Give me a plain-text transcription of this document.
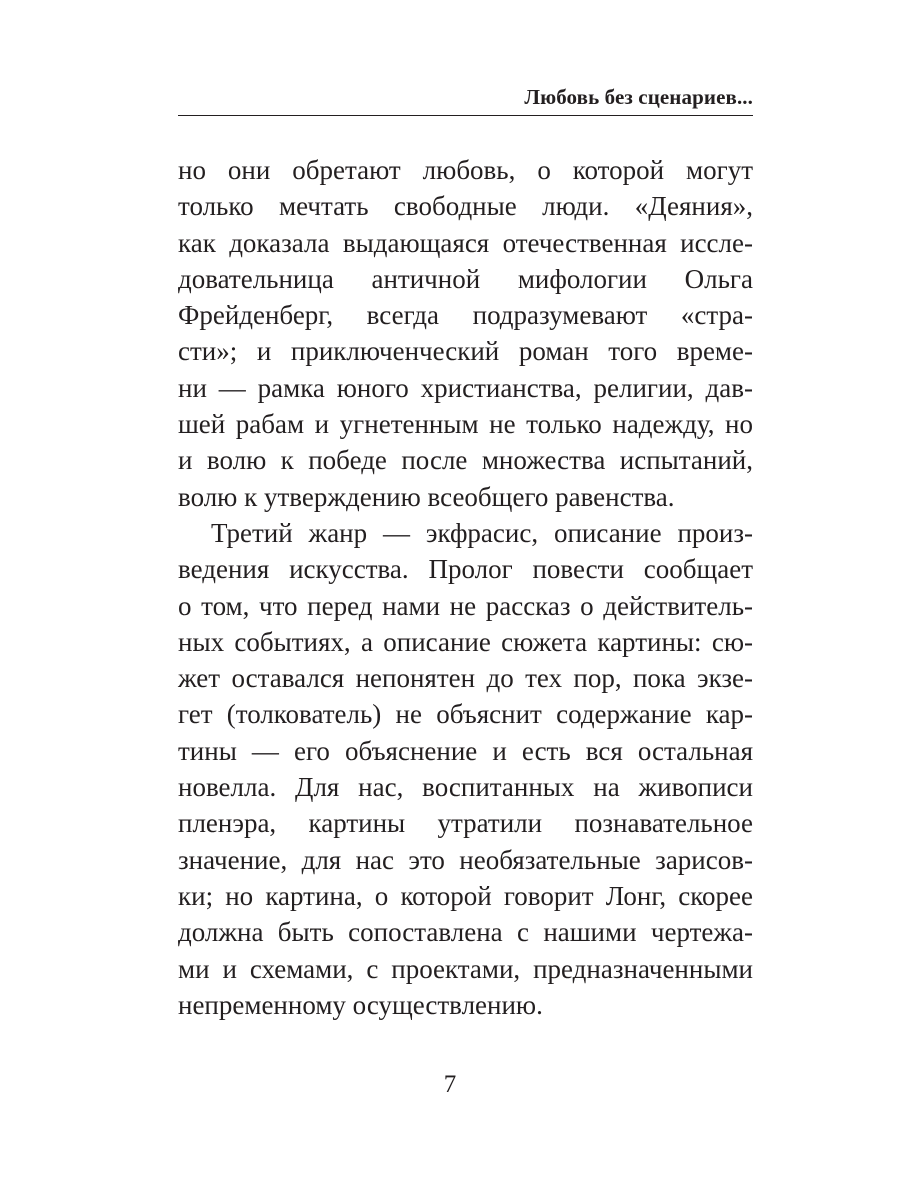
Любовь без сценариев...
но они обретают любовь, о которой могут
только мечтать свободные люди. «Деяния»,
как доказала выдающаяся отечественная иссле-
довательница античной мифологии Ольга
Фрейденберг, всегда подразумевают «стра-
сти»; и приключенческий роман того време-
ни — рамка юного христианства, религии, дав-
шей рабам и угнетенным не только надежду, но
и волю к победе после множества испытаний,
волю к утверждению всеобщего равенства.
Третий жанр — экфрасис, описание произ-
ведения искусства. Пролог повести сообщает
о том, что перед нами не рассказ о действитель-
ных событиях, а описание сюжета картины: сю-
жет оставался непонятен до тех пор, пока экзе-
гет (толкователь) не объяснит содержание кар-
тины — его объяснение и есть вся остальная
новелла. Для нас, воспитанных на живописи
пленэра, картины утратили познавательное
значение, для нас это необязательные зарисов-
ки; но картина, о которой говорит Лонг, скорее
должна быть сопоставлена с нашими чертежа-
ми и схемами, с проектами, предназначенными
непременному осуществлению.
7
